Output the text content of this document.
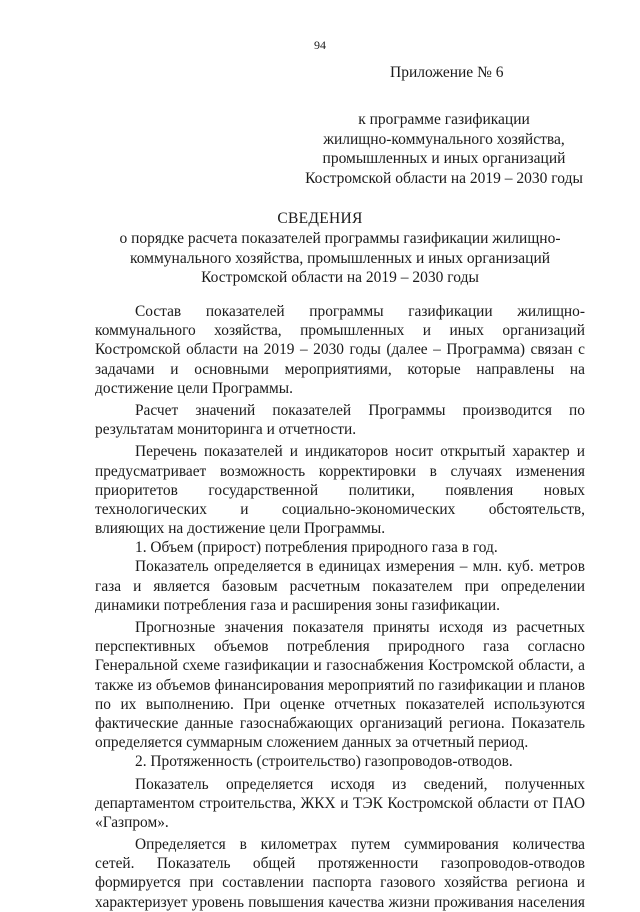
94
Приложение № 6
к программе газификации
жилищно-коммунального хозяйства,
промышленных и иных организаций
Костромской области на 2019 – 2030 годы
СВЕДЕНИЯ
о порядке расчета показателей программы газификации жилищно-
коммунального хозяйства, промышленных и иных организаций
Костромской области на 2019 – 2030 годы
Состав показателей программы газификации жилищно-
коммунального хозяйства, промышленных и иных организаций
Костромской области на 2019 – 2030 годы (далее – Программа) связан с
задачами и основными мероприятиями, которые направлены на
достижение цели Программы.
Расчет значений показателей Программы производится по
результатам мониторинга и отчетности.
Перечень показателей и индикаторов носит открытый характер и
предусматривает возможность корректировки в случаях изменения
приоритетов государственной политики, появления новых
технологических и социально-экономических обстоятельств,
влияющих на достижение цели Программы.
1. Объем (прирост) потребления природного газа в год.
Показатель определяется в единицах измерения – млн. куб. метров
газа и является базовым расчетным показателем при определении
динамики потребления газа и расширения зоны газификации.
Прогнозные значения показателя приняты исходя из расчетных
перспективных объемов потребления природного газа согласно
Генеральной схеме газификации и газоснабжения Костромской области, а
также из объемов финансирования мероприятий по газификации и планов
по их выполнению. При оценке отчетных показателей используются
фактические данные газоснабжающих организаций региона. Показатель
определяется суммарным сложением данных за отчетный период.
2. Протяженность (строительство) газопроводов-отводов.
Показатель определяется исходя из сведений, полученных
департаментом строительства, ЖКХ и ТЭК Костромской области от ПАО
«Газпром».
Определяется в километрах путем суммирования количества
сетей. Показатель общей протяженности газопроводов-отводов
формируется при составлении паспорта газового хозяйства региона и
характеризует уровень повышения качества жизни проживания населения
